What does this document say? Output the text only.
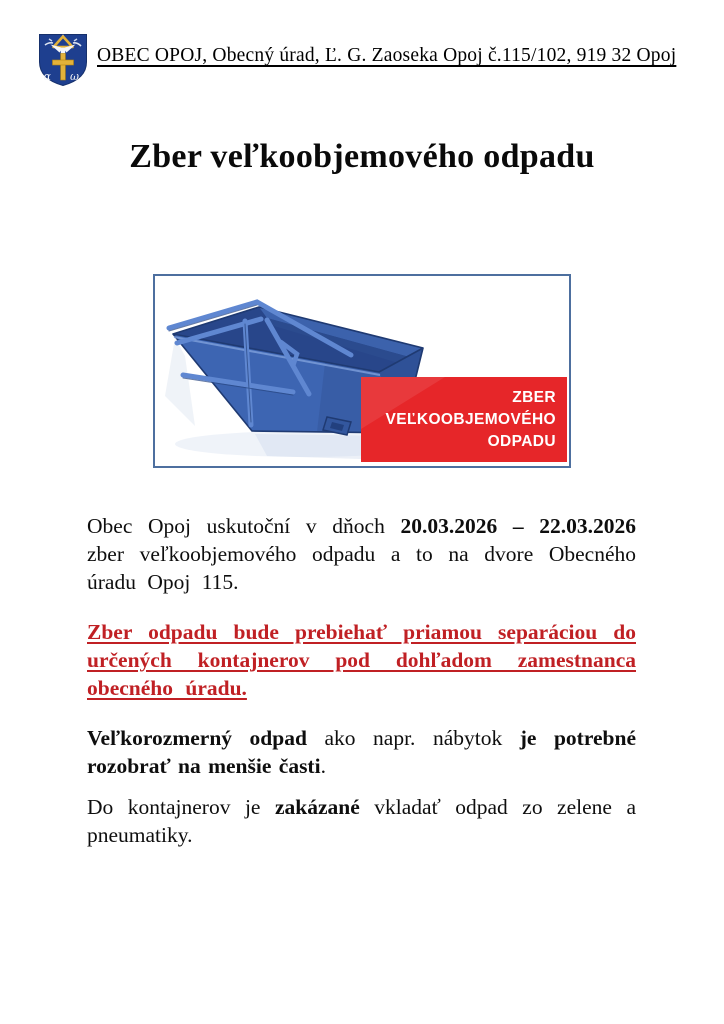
α ω
OBEC OPOJ, Obecný úrad, Ľ. G. Zaoseka Opoj č.115/102, 919 32 Opoj
Zber veľkoobjemového odpadu
ZBER
VEĽKOOBJEMOVÉHO
ODPADU

Obec Opoj uskutoční v dňoch 20.03.2026 – 22.03.2026 zber veľkoobjemového odpadu a to na dvore Obecného úradu Opoj 115.

Zber odpadu bude prebiehať priamou separáciou do určených kontajnerov pod dohľadom zamestnanca obecného úradu.

Veľkorozmerný odpad ako napr. nábytok je potrebné rozobrať na menšie časti.

Do kontajnerov je zakázané vkladať odpad zo zelene a pneumatiky.
